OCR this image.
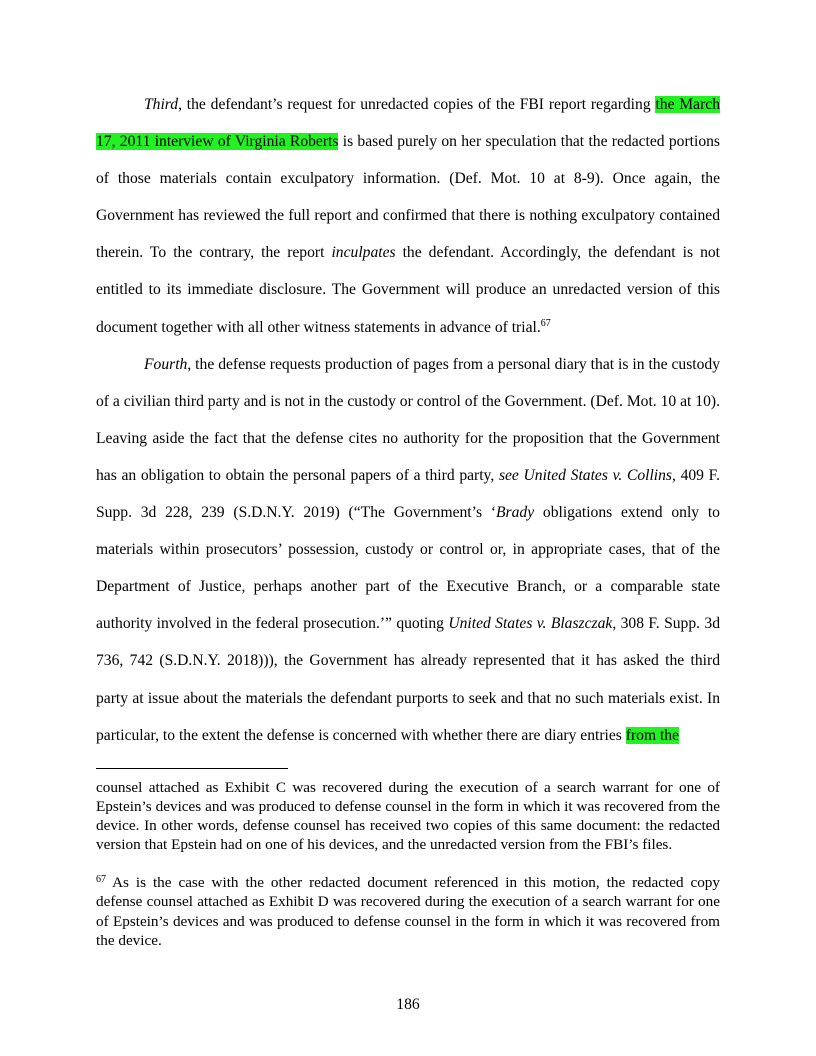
Third, the defendant’s request for unredacted copies of the FBI report regarding the March 17, 2011 interview of Virginia Roberts is based purely on her speculation that the redacted portions of those materials contain exculpatory information. (Def. Mot. 10 at 8-9). Once again, the Government has reviewed the full report and confirmed that there is nothing exculpatory contained therein. To the contrary, the report inculpates the defendant. Accordingly, the defendant is not entitled to its immediate disclosure. The Government will produce an unredacted version of this document together with all other witness statements in advance of trial.$^{67}$

Fourth, the defense requests production of pages from a personal diary that is in the custody of a civilian third party and is not in the custody or control of the Government. (Def. Mot. 10 at 10). Leaving aside the fact that the defense cites no authority for the proposition that the Government has an obligation to obtain the personal papers of a third party, see United States v. Collins, 409 F. Supp. 3d 228, 239 (S.D.N.Y. 2019) (“The Government’s ‘Brady obligations extend only to materials within prosecutors’ possession, custody or control or, in appropriate cases, that of the Department of Justice, perhaps another part of the Executive Branch, or a comparable state authority involved in the federal prosecution.’” quoting United States v. Blaszczak, 308 F. Supp. 3d 736, 742 (S.D.N.Y. 2018))), the Government has already represented that it has asked the third party at issue about the materials the defendant purports to seek and that no such materials exist. In particular, to the extent the defense is concerned with whether there are diary entries from the

counsel attached as Exhibit C was recovered during the execution of a search warrant for one of Epstein’s devices and was produced to defense counsel in the form in which it was recovered from the device. In other words, defense counsel has received two copies of this same document: the redacted version that Epstein had on one of his devices, and the unredacted version from the FBI’s files.

$^{67}$ As is the case with the other redacted document referenced in this motion, the redacted copy defense counsel attached as Exhibit D was recovered during the execution of a search warrant for one of Epstein’s devices and was produced to defense counsel in the form in which it was recovered from the device.

186
